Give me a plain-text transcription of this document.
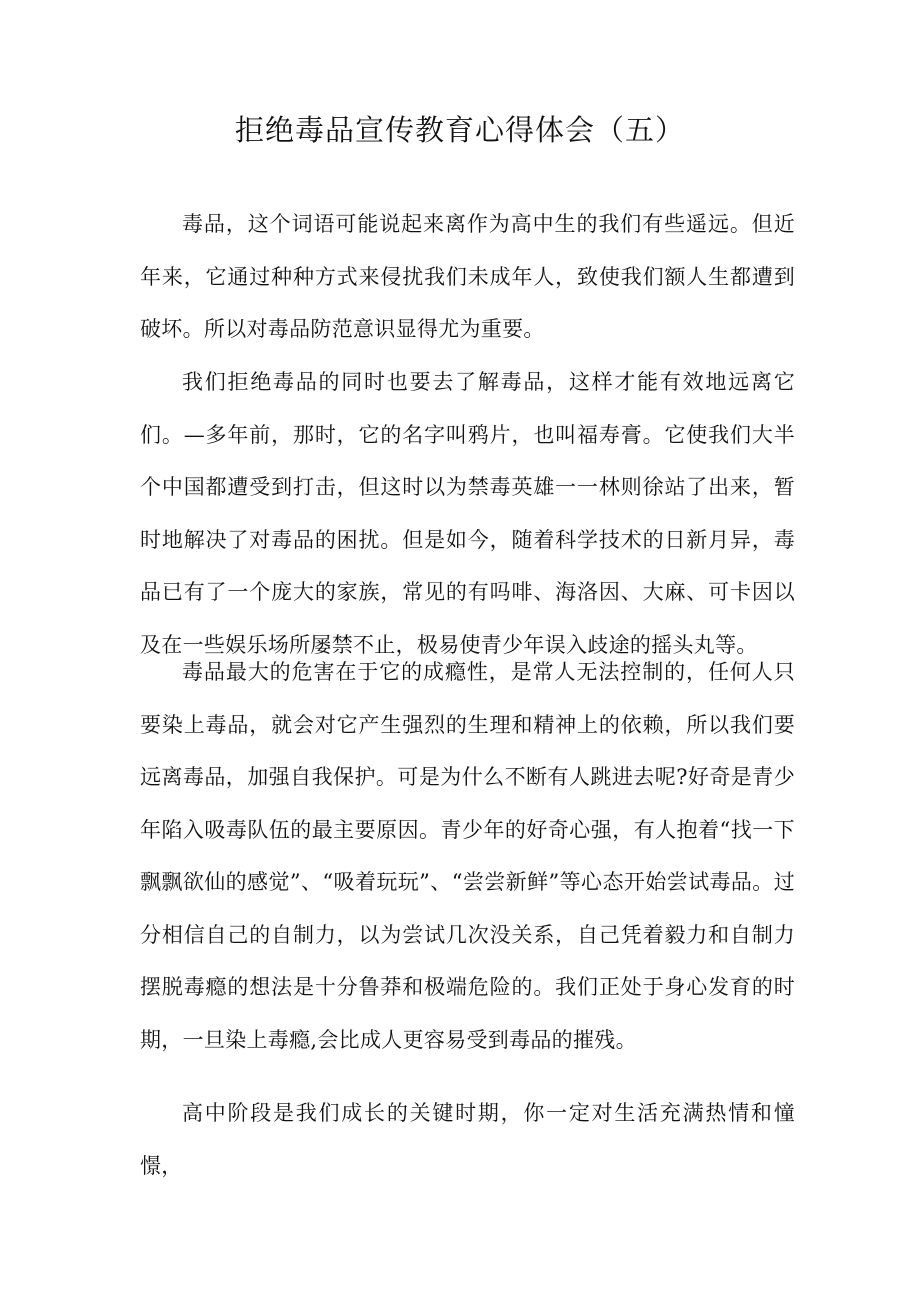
拒绝毒品宣传教育心得体会（五）

毒品，这个词语可能说起来离作为高中生的我们有些遥远。但近年来，它通过种种方式来侵扰我们未成年人，致使我们额人生都遭到破坏。所以对毒品防范意识显得尤为重要。

我们拒绝毒品的同时也要去了解毒品，这样才能有效地远离它们。—多年前，那时，它的名字叫鸦片，也叫福寿膏。它使我们大半个中国都遭受到打击，但这时以为禁毒英雄一一林则徐站了出来，暂时地解决了对毒品的困扰。但是如今，随着科学技术的日新月异，毒品已有了一个庞大的家族，常见的有吗啡、海洛因、大麻、可卡因以及在一些娱乐场所屡禁不止，极易使青少年误入歧途的摇头丸等。

毒品最大的危害在于它的成瘾性，是常人无法控制的，任何人只要染上毒品，就会对它产生强烈的生理和精神上的依赖，所以我们要远离毒品，加强自我保护。可是为什么不断有人跳进去呢?好奇是青少年陷入吸毒队伍的最主要原因。青少年的好奇心强，有人抱着“找一下飘飘欲仙的感觉”、“吸着玩玩”、“尝尝新鲜”等心态开始尝试毒品。过分相信自己的自制力，以为尝试几次没关系，自己凭着毅力和自制力摆脱毒瘾的想法是十分鲁莽和极端危险的。我们正处于身心发育的时期，一旦染上毒瘾,会比成人更容易受到毒品的摧残。

高中阶段是我们成长的关键时期，你一定对生活充满热情和憧憬，
